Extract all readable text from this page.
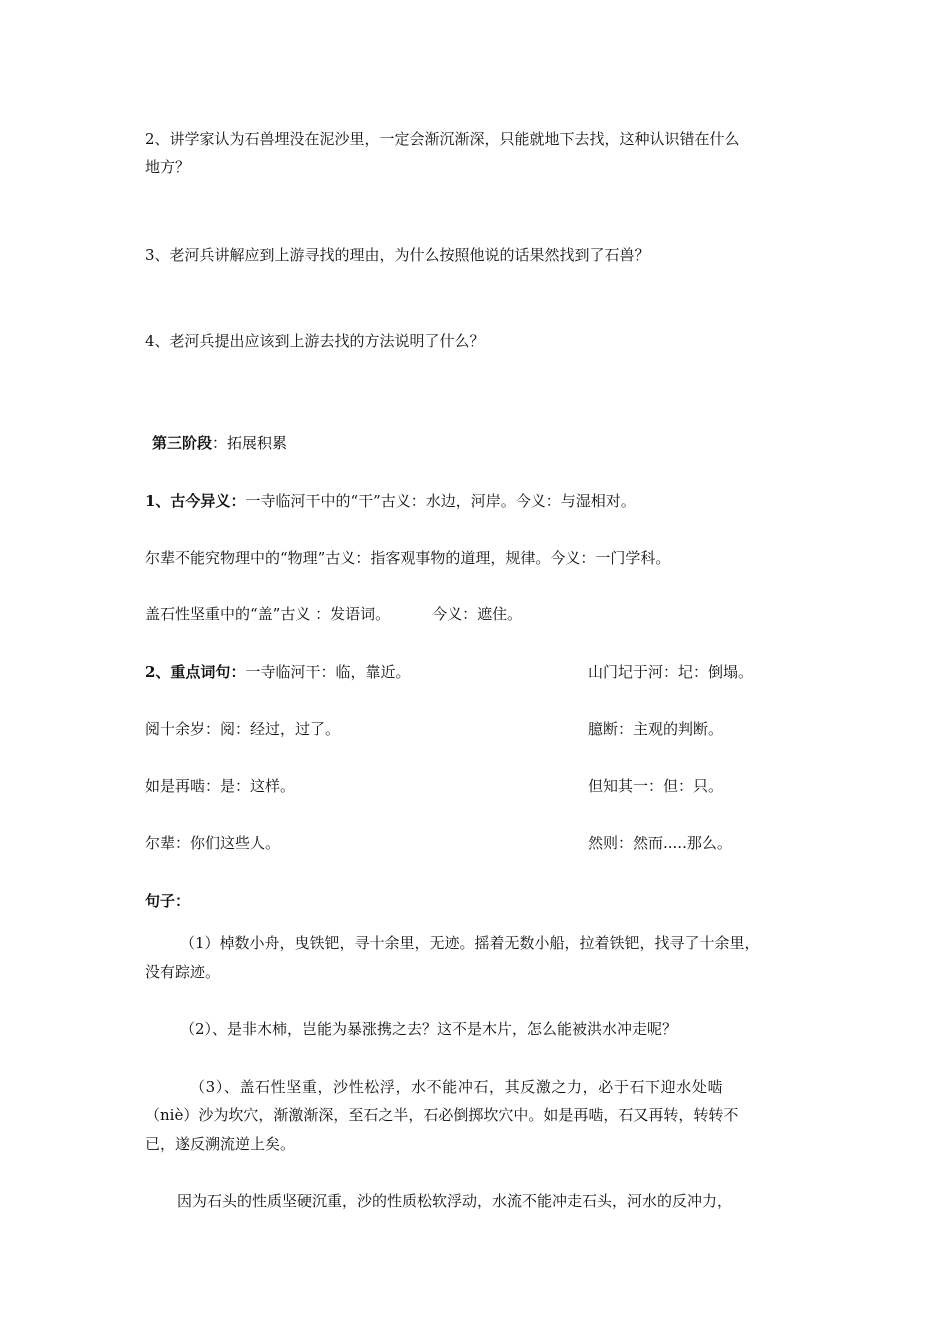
2、讲学家认为石兽埋没在泥沙里，一定会渐沉渐深，只能就地下去找，这种认识错在什么
地方？
3、老河兵讲解应到上游寻找的理由，为什么按照他说的话果然找到了石兽？
4、老河兵提出应该到上游去找的方法说明了什么？
第三阶段：拓展积累
1、古今异义：一寺临河干中的“干”古义：水边，河岸。今义：与湿相对。
尔辈不能究物理中的“物理”古义：指客观事物的道理，规律。今义：一门学科。
盖石性坚重中的“盖”古义 ：发语词。	今义：遮住。
2、重点词句：一寺临河干：临，靠近。	山门圮于河：圮：倒塌。
阅十余岁：阅：经过，过了。	臆断：主观的判断。
如是再啮：是：这样。	但知其一：但：只。
尔辈：你们这些人。	然则：然而.....那么。
句子：
（1）棹数小舟，曳铁钯，寻十余里，无迹。摇着无数小船，拉着铁钯，找寻了十余里，
没有踪迹。
（2）、是非木柿，岂能为暴涨携之去？这不是木片，怎么能被洪水冲走呢？
（3）、盖石性坚重，沙性松浮，水不能冲石，其反激之力，必于石下迎水处啮
（niè）沙为坎穴，渐激渐深，至石之半，石必倒掷坎穴中。如是再啮，石又再转，转转不
已，遂反溯流逆上矣。
因为石头的性质坚硬沉重，沙的性质松软浮动，水流不能冲走石头，河水的反冲力，
